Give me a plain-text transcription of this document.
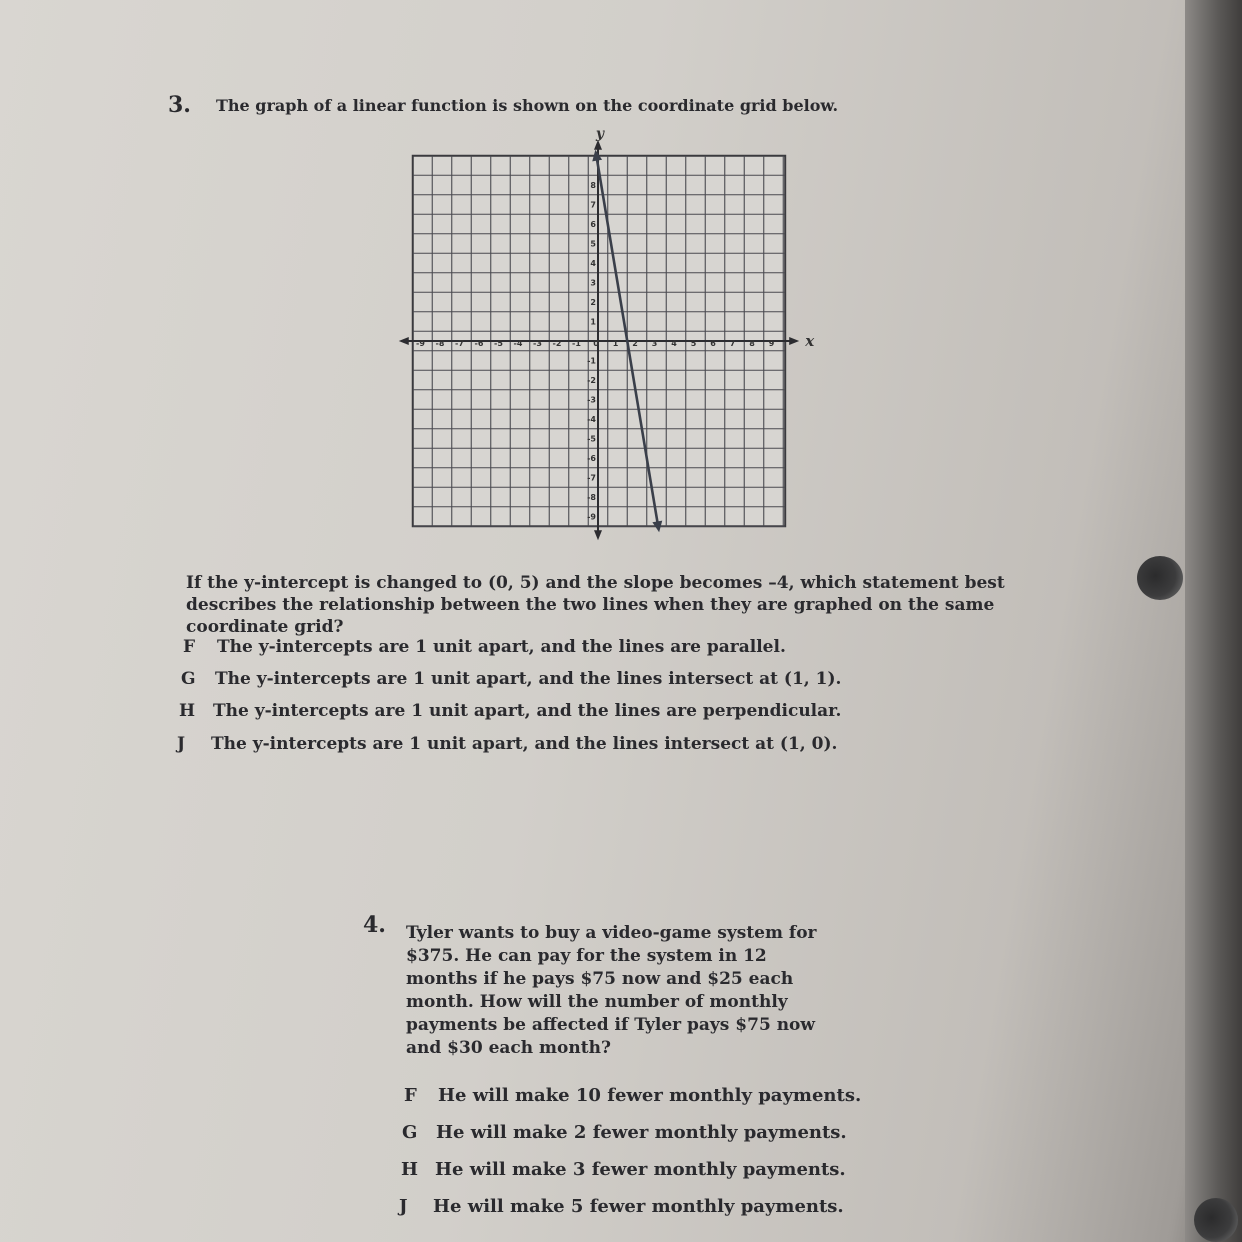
3. The graph of a linear function is shown on the coordinate grid below.
-9 -8 -7 -6 -5 -4 -3 -2 -1 0 1 2 3 4 5 6 7 8 9
8
7
6
5
4
3
2
1
-1
-2
-3
-4
-5
-6
-7
-8
-9
x
y
If the y-intercept is changed to (0, 5) and the slope becomes –4, which statement best describes the relationship between the two lines when they are graphed on the same coordinate grid?
F The y-intercepts are 1 unit apart, and the lines are parallel.
G The y-intercepts are 1 unit apart, and the lines intersect at (1, 1).
H The y-intercepts are 1 unit apart, and the lines are perpendicular.
J The y-intercepts are 1 unit apart, and the lines intersect at (1, 0).
4. Tyler wants to buy a video-game system for $375. He can pay for the system in 12 months if he pays $75 now and $25 each month. How will the number of monthly payments be affected if Tyler pays $75 now and $30 each month?
F He will make 10 fewer monthly payments.
G He will make 2 fewer monthly payments.
H He will make 3 fewer monthly payments.
J He will make 5 fewer monthly payments.
